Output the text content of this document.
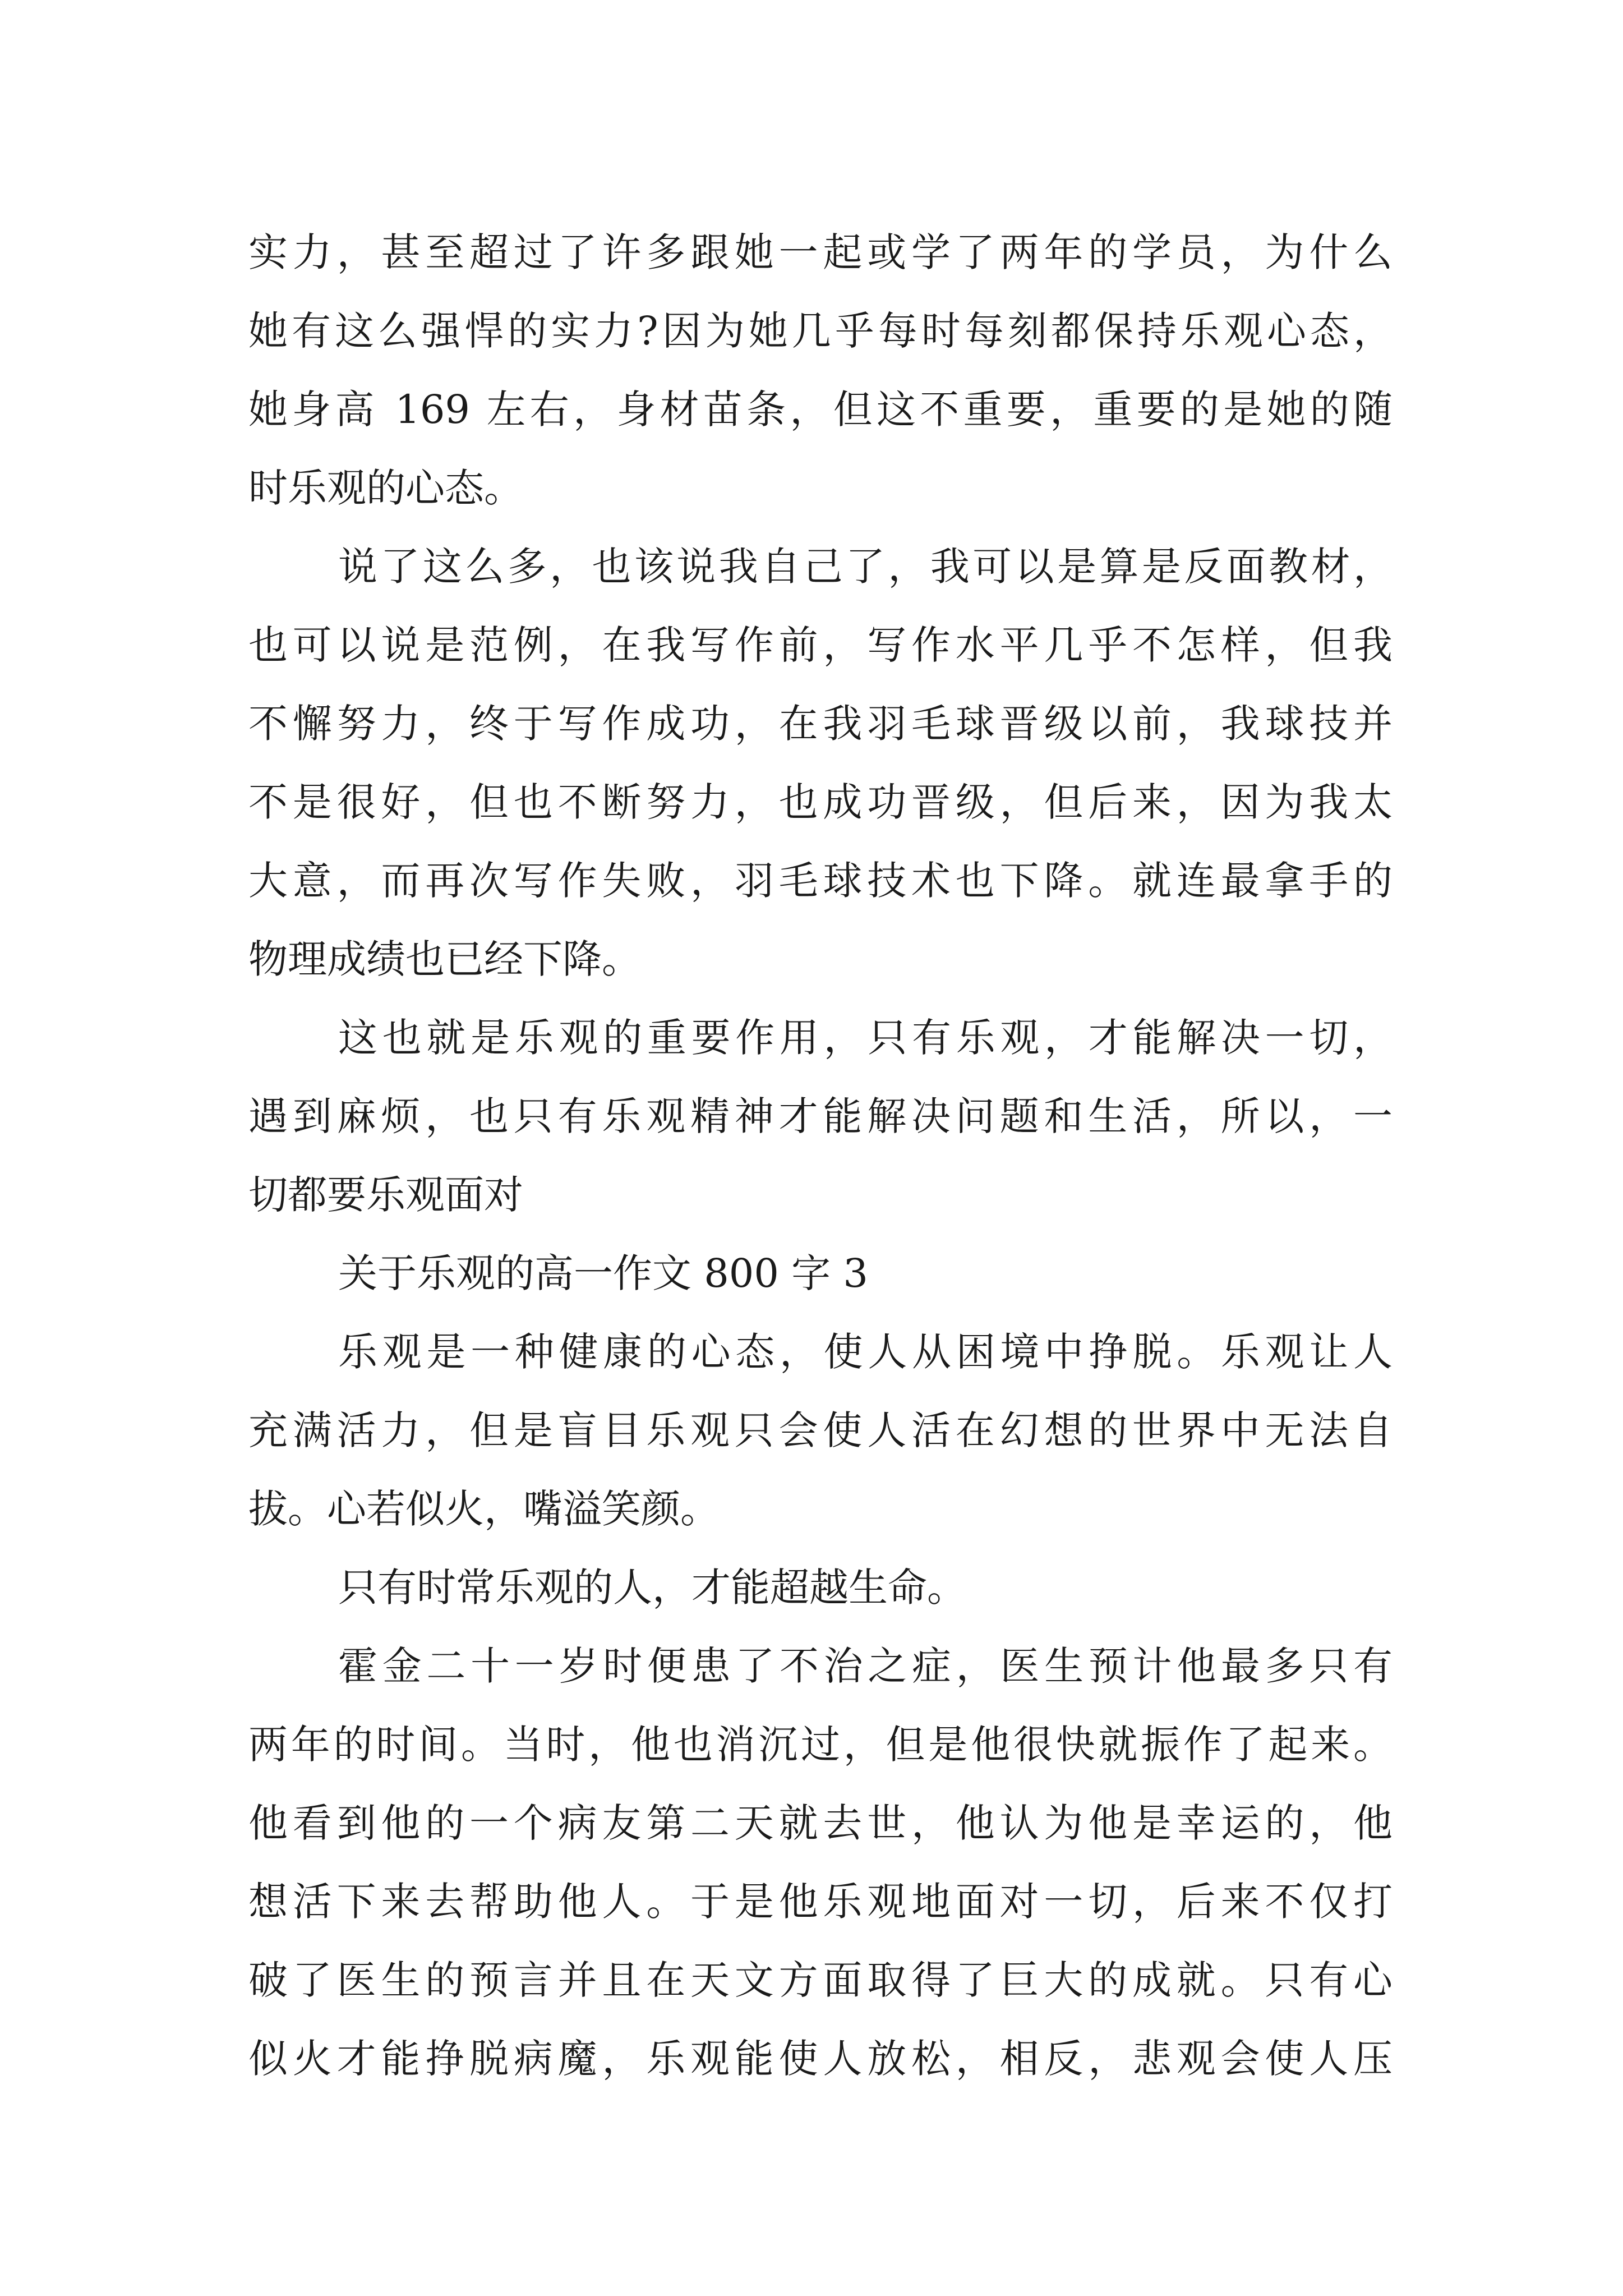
实力，甚至超过了许多跟她一起或学了两年的学员，为什么
她有这么强悍的实力?因为她几乎每时每刻都保持乐观心态，
她身高 169 左右，身材苗条，但这不重要，重要的是她的随
时乐观的心态。
说了这么多，也该说我自己了，我可以是算是反面教材，
也可以说是范例，在我写作前，写作水平几乎不怎样，但我
不懈努力，终于写作成功，在我羽毛球晋级以前，我球技并
不是很好，但也不断努力，也成功晋级，但后来，因为我太
大意，而再次写作失败，羽毛球技术也下降。就连最拿手的
物理成绩也已经下降。
这也就是乐观的重要作用，只有乐观，才能解决一切，
遇到麻烦，也只有乐观精神才能解决问题和生活，所以，一
切都要乐观面对
关于乐观的高一作文 800 字 3
乐观是一种健康的心态，使人从困境中挣脱。乐观让人
充满活力，但是盲目乐观只会使人活在幻想的世界中无法自
拔。心若似火，嘴溢笑颜。
只有时常乐观的人，才能超越生命。
霍金二十一岁时便患了不治之症，医生预计他最多只有
两年的时间。当时，他也消沉过，但是他很快就振作了起来。
他看到他的一个病友第二天就去世，他认为他是幸运的，他
想活下来去帮助他人。于是他乐观地面对一切，后来不仅打
破了医生的预言并且在天文方面取得了巨大的成就。只有心
似火才能挣脱病魔，乐观能使人放松，相反，悲观会使人压
